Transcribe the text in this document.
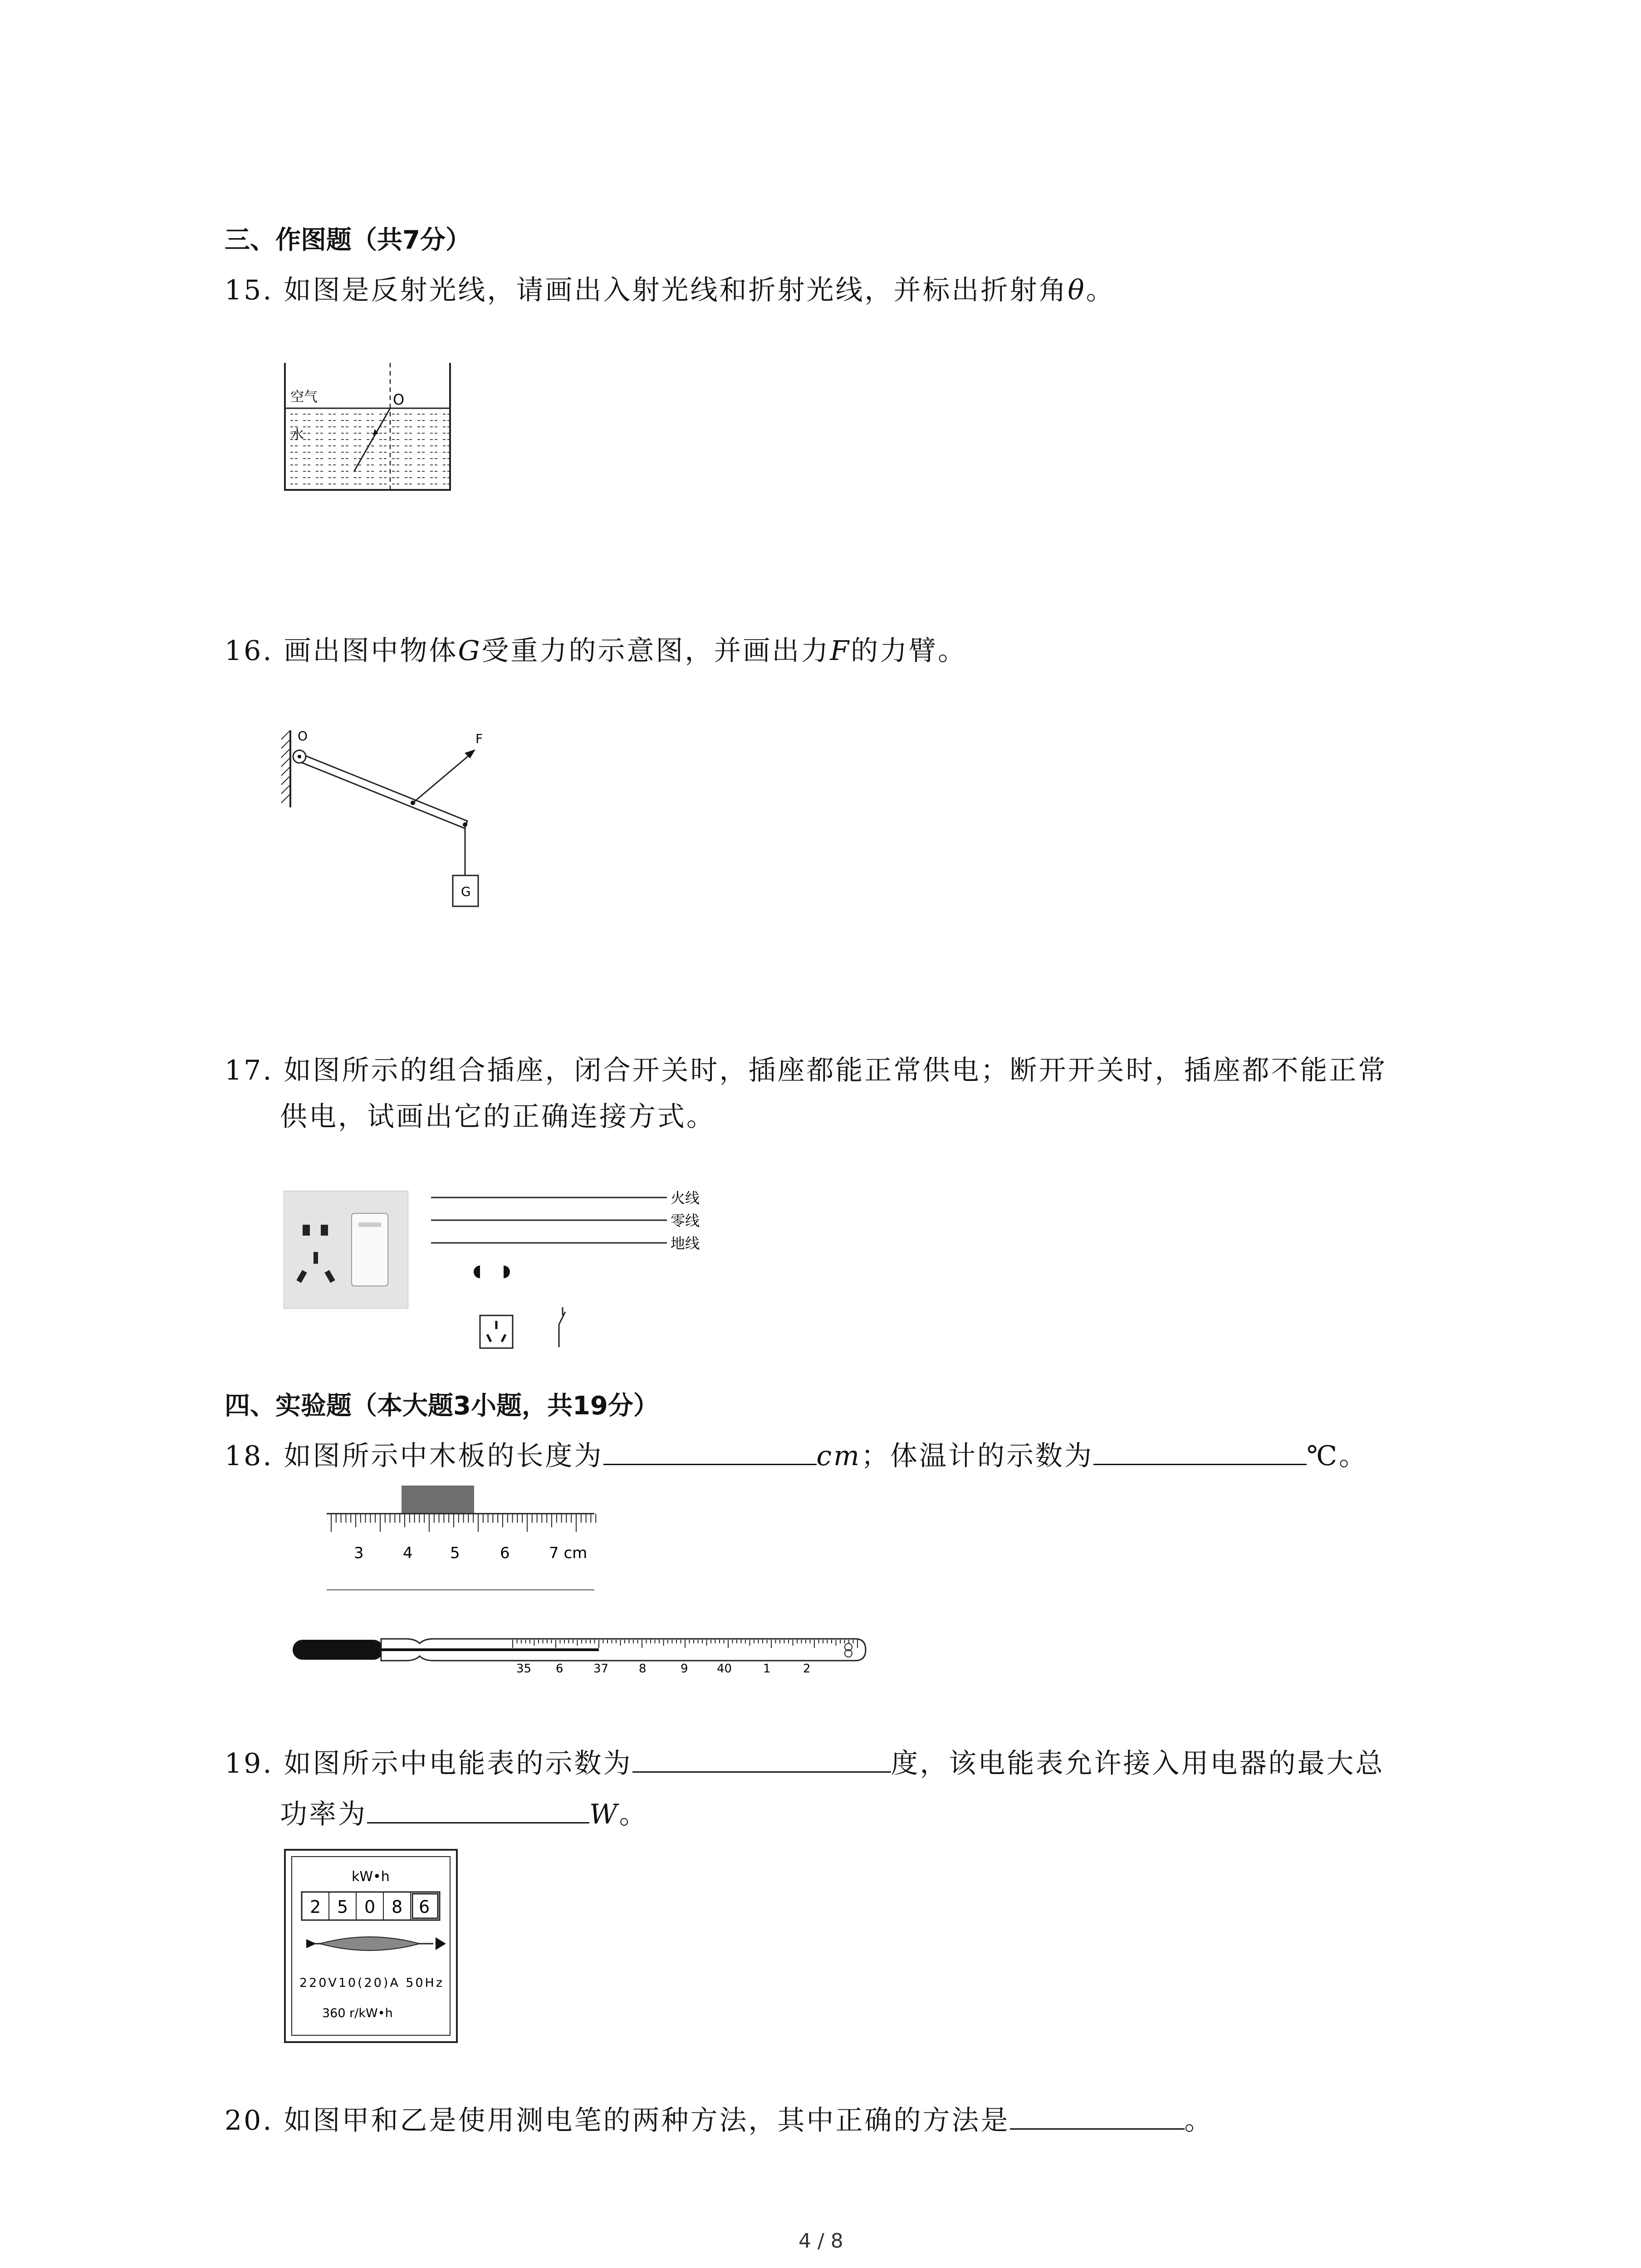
三、作图题（共7分）
15. 如图是反射光线，请画出入射光线和折射光线，并标出折射角θ。
空气
水
O
16. 画出图中物体G受重力的示意图，并画出力F的力臂。
O	F
G
17. 如图所示的组合插座，闭合开关时，插座都能正常供电；断开开关时，插座都不能正常
供电，试画出它的正确连接方式。
火线
零线
地线
四、实验题（本大题3小题，共19分）
18. 如图所示中木板的长度为	cm；体温计的示数为	℃。
3	4 5	6	7 cm
35 6	37	8	9 40	1	2
19. 如图所示中电能表的示数为	度，该电能表允许接入用电器的最大总
功率为	W。
kW•h
2 5 0 8 6
220V10(20)A 50Hz
360 r/kW•h
20. 如图甲和乙是使用测电笔的两种方法，其中正确的方法是	。
4 / 8
